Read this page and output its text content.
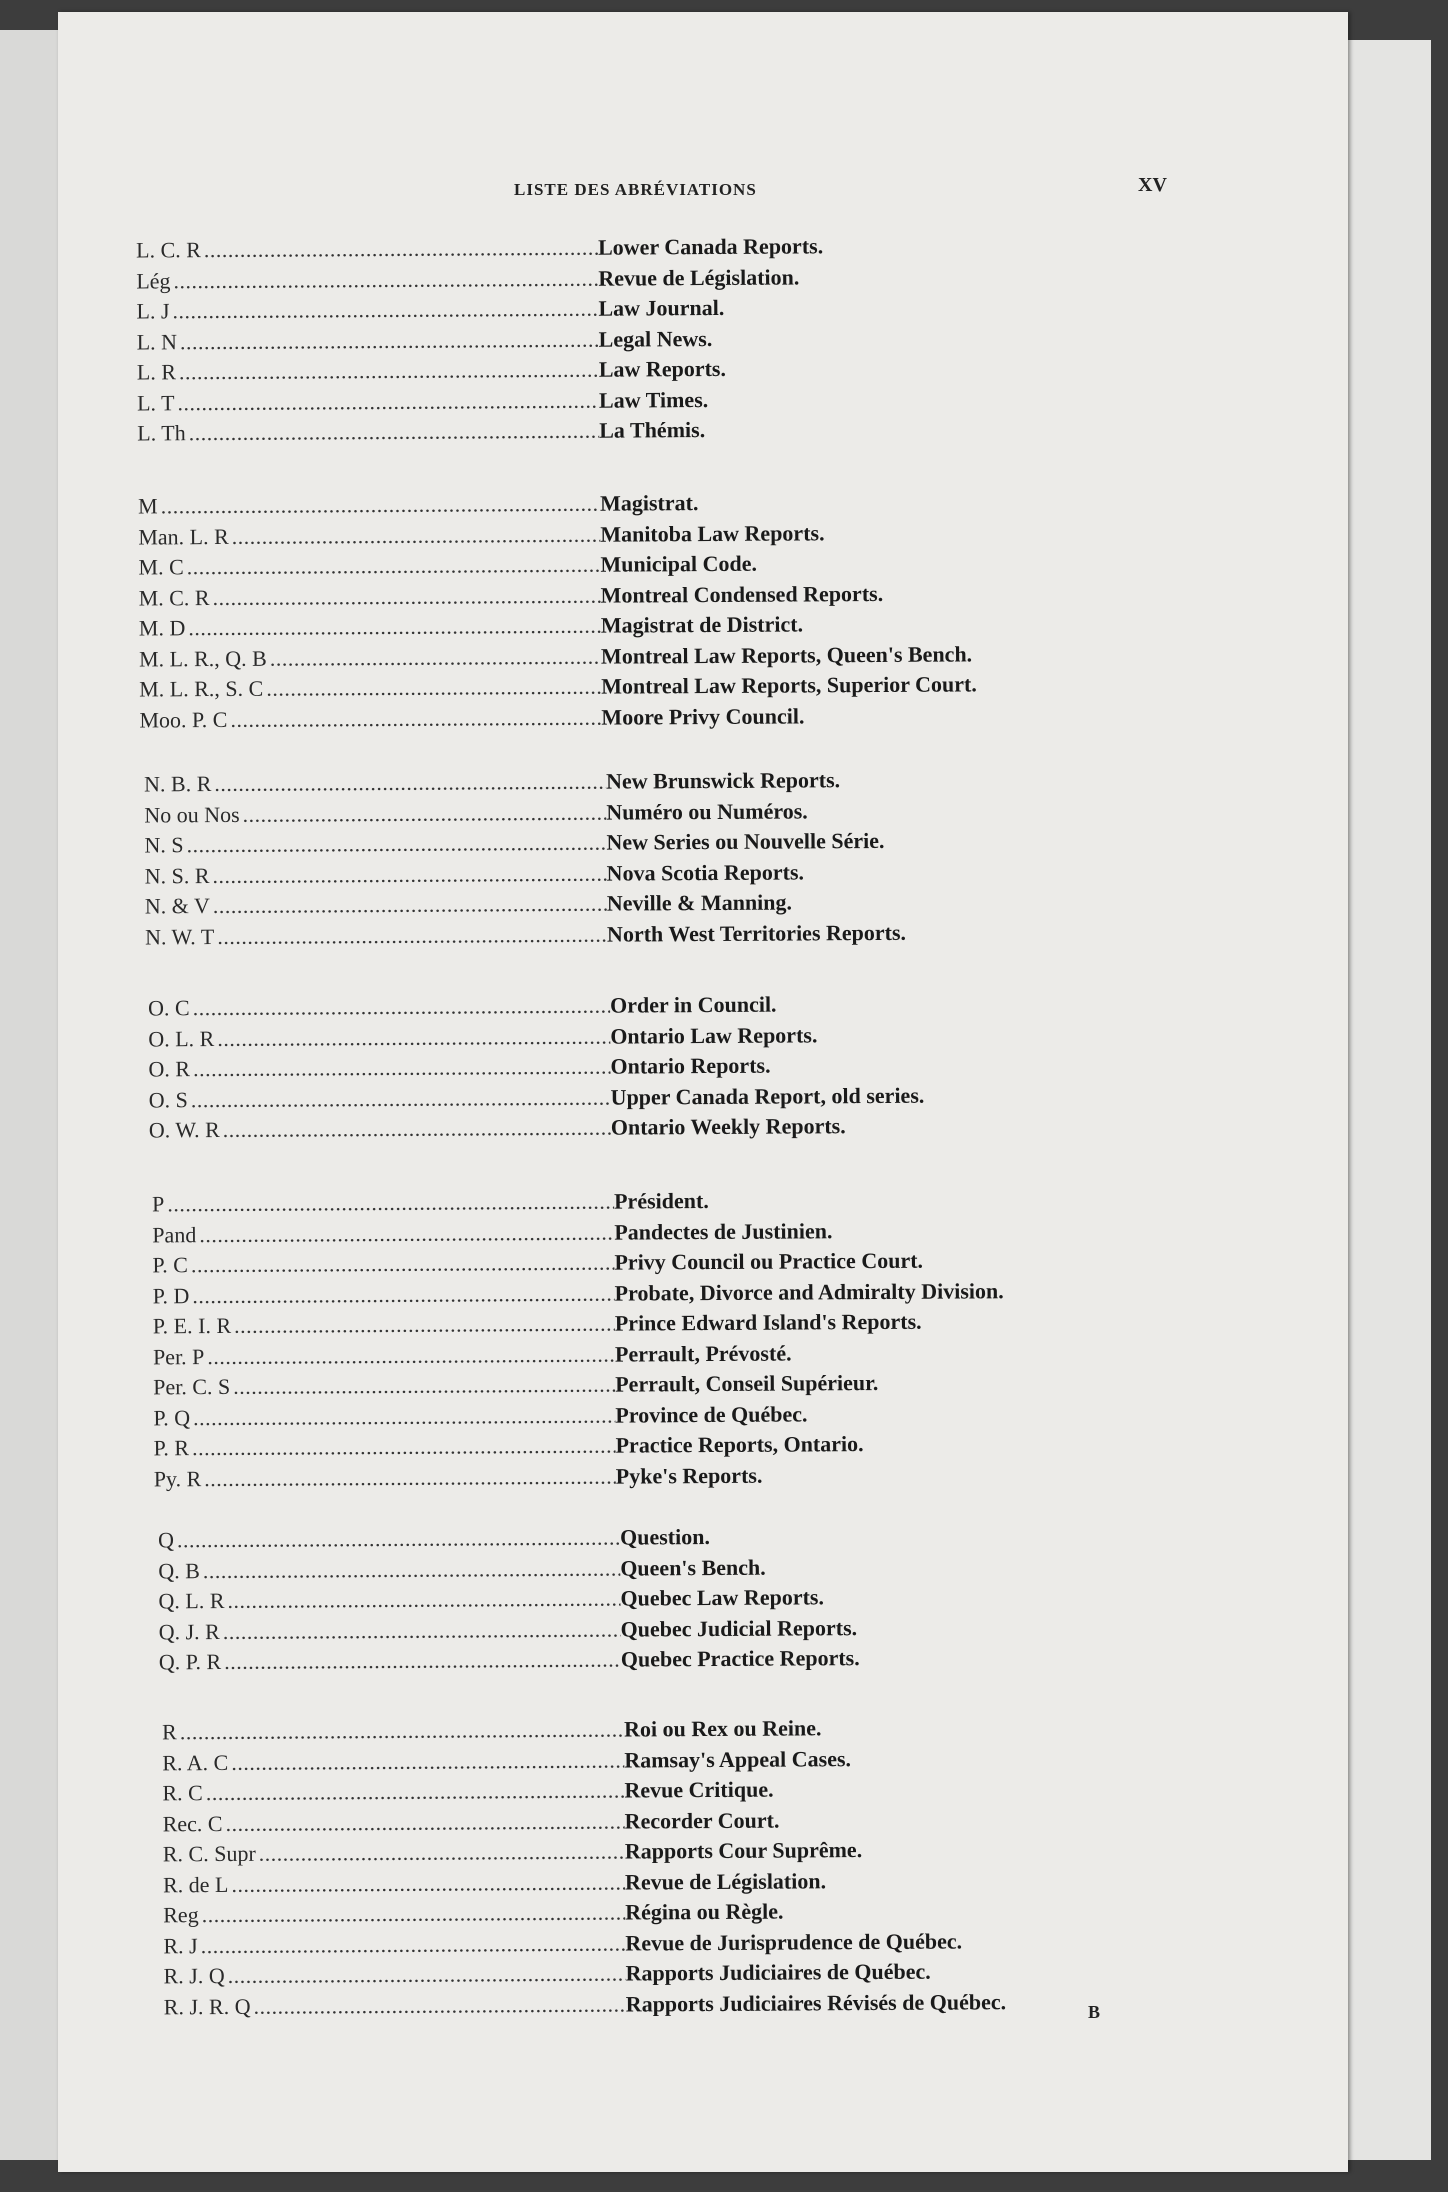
LISTE DES ABRÉVIATIONS	XV
L. C. R . . .	Lower Canada Reports.
Lég . . .	Revue de Législation.
L. J . . .	Law Journal.
L. N . . .	Legal News.
L. R . . .	Law Reports.
L. T . . .	Law Times.
L. Th . . .	La Thémis.
M . . .	Magistrat.
Man. L. R . . .	Manitoba Law Reports.
M. C . . .	Municipal Code.
M. C. R . . .	Montreal Condensed Reports.
M. D . . .	Magistrat de District.
M. L. R., Q. B . . .	Montreal Law Reports, Queen's Bench.
M. L. R., S. C . . .	Montreal Law Reports, Superior Court.
Moo. P. C . . .	Moore Privy Council.
N. B. R . . .	New Brunswick Reports.
No ou Nos . . .	Numéro ou Numéros.
N. S . . .	New Series ou Nouvelle Série.
N. S. R . . .	Nova Scotia Reports.
N. & V . . .	Neville & Manning.
N. W. T . . .	North West Territories Reports.
O. C . . .	Order in Council.
O. L. R . . .	Ontario Law Reports.
O. R . . .	Ontario Reports.
O. S . . .	Upper Canada Report, old series.
O. W. R . . .	Ontario Weekly Reports.
P . . .	Président.
Pand . . .	Pandectes de Justinien.
P. C . . .	Privy Council ou Practice Court.
P. D . . .	Probate, Divorce and Admiralty Division.
P. E. I. R . . .	Prince Edward Island's Reports.
Per. P . . .	Perrault, Prévosté.
Per. C. S . . .	Perrault, Conseil Supérieur.
P. Q . . .	Province de Québec.
P. R . . .	Practice Reports, Ontario.
Py. R . . .	Pyke's Reports.
Q . . .	Question.
Q. B . . .	Queen's Bench.
Q. L. R . . .	Quebec Law Reports.
Q. J. R . . .	Quebec Judicial Reports.
Q. P. R . . .	Quebec Practice Reports.
R . . .	Roi ou Rex ou Reine.
R. A. C . . .	Ramsay's Appeal Cases.
R. C . . .	Revue Critique.
Rec. C . . .	Recorder Court.
R. C. Supr . . .	Rapports Cour Suprême.
R. de L . . .	Revue de Législation.
Reg . . .	Régina ou Règle.
R. J . . .	Revue de Jurisprudence de Québec.
R. J. Q . . .	Rapports Judiciaires de Québec.
R. J. R. Q . . .	Rapports Judiciaires Révisés de Québec.	B
